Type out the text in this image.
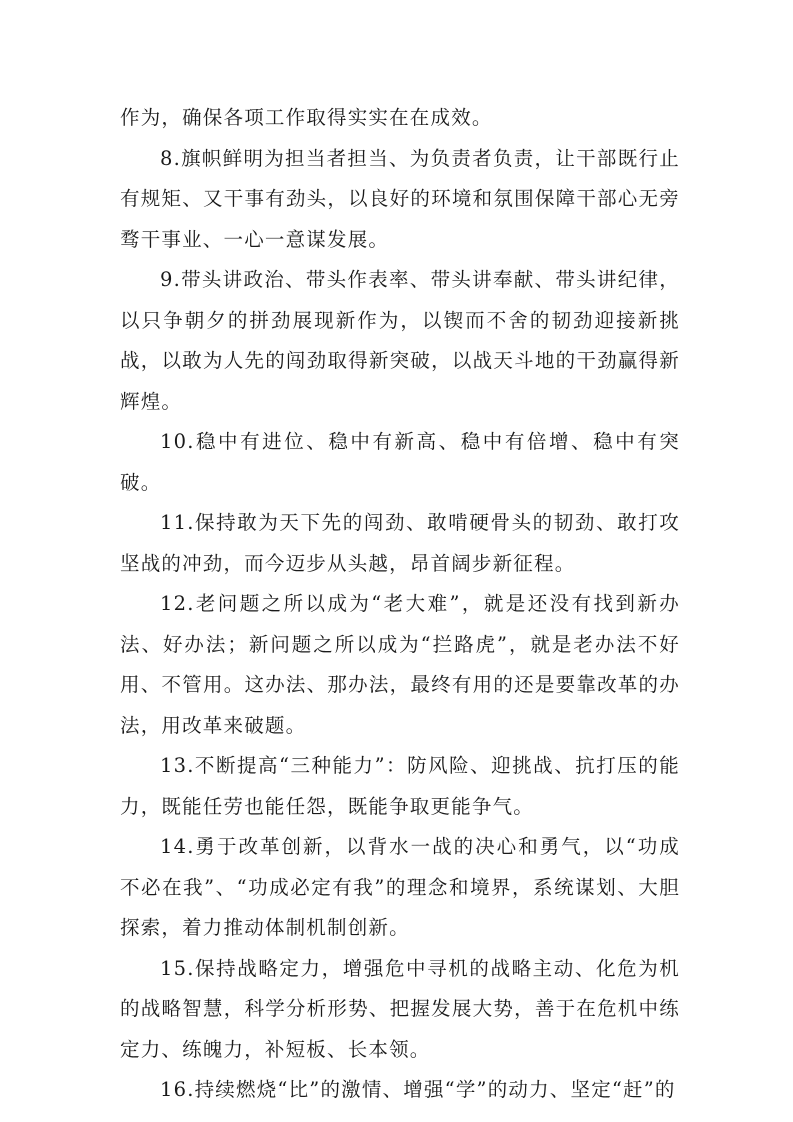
作为，确保各项工作取得实实在在成效。

8.旗帜鲜明为担当者担当、为负责者负责，让干部既行止有规矩、又干事有劲头，以良好的环境和氛围保障干部心无旁骛干事业、一心一意谋发展。

9.带头讲政治、带头作表率、带头讲奉献、带头讲纪律，以只争朝夕的拼劲展现新作为，以锲而不舍的韧劲迎接新挑战，以敢为人先的闯劲取得新突破，以战天斗地的干劲赢得新辉煌。

10.稳中有进位、稳中有新高、稳中有倍增、稳中有突破。

11.保持敢为天下先的闯劲、敢啃硬骨头的韧劲、敢打攻坚战的冲劲，而今迈步从头越，昂首阔步新征程。

12.老问题之所以成为“老大难”，就是还没有找到新办法、好办法；新问题之所以成为“拦路虎”，就是老办法不好用、不管用。这办法、那办法，最终有用的还是要靠改革的办法，用改革来破题。

13.不断提高“三种能力”：防风险、迎挑战、抗打压的能力，既能任劳也能任怨，既能争取更能争气。

14.勇于改革创新，以背水一战的决心和勇气，以“功成不必在我”、“功成必定有我”的理念和境界，系统谋划、大胆探索，着力推动体制机制创新。

15.保持战略定力，增强危中寻机的战略主动、化危为机的战略智慧，科学分析形势、把握发展大势，善于在危机中练定力、练魄力，补短板、长本领。

16.持续燃烧“比”的激情、增强“学”的动力、坚定“赶”的
